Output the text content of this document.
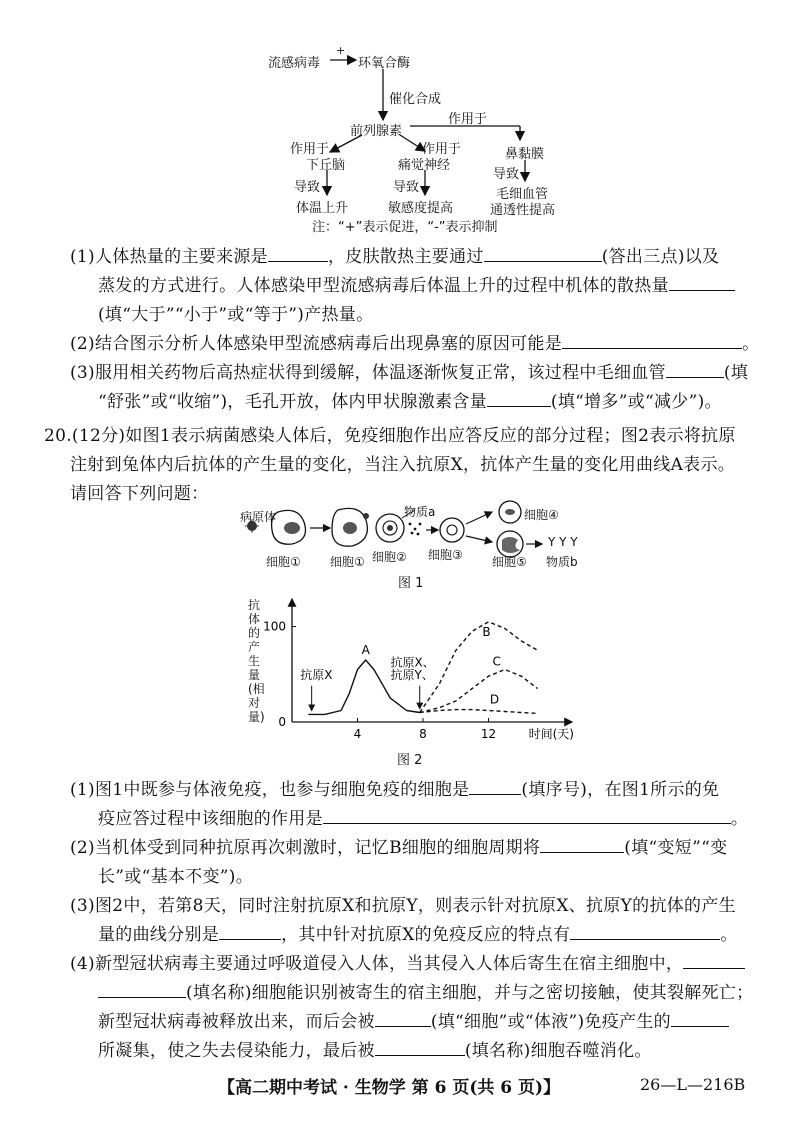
流感病毒
+
环氧合酶
催化合成
作用于
前列腺素
作用于
下丘脑
作用于
痛觉神经
鼻黏膜
导致
体温上升
导致
敏感度提高
导致
毛细血管
通透性提高
注：“+”表示促进，“-”表示抑制
(1)人体热量的主要来源是	，皮肤散热主要通过	(答出三点)以及
蒸发的方式进行。人体感染甲型流感病毒后体温上升的过程中机体的散热量
(填“大于”“小于”或“等于”)产热量。
(2)结合图示分析人体感染甲型流感病毒后出现鼻塞的原因可能是	。
(3)服用相关药物后高热症状得到缓解，体温逐渐恢复正常，该过程中毛细血管	(填
“舒张”或“收缩”)，毛孔开放，体内甲状腺激素含量	(填“增多”或“减少”)。
20.(12分)如图1表示病菌感染人体后，免疫细胞作出应答反应的部分过程；图2表示将抗原
注射到兔体内后抗体的产生量的变化，当注入抗原X，抗体产生量的变化用曲线A表示。
请回答下列问题：
病原体
细胞① 细胞① 细胞②
物质a
细胞③
细胞④
细胞⑤
Y Y Y
物质b
图 1
4	8	12
0
100
时间(天)
A
B
C
D
抗原X
抗原X、
抗原Y、
抗体的产生量(相对量)
图 2
(1)图1中既参与体液免疫，也参与细胞免疫的细胞是	(填序号)，在图1所示的免
疫应答过程中该细胞的作用是	。
(2)当机体受到同种抗原再次刺激时，记忆B细胞的细胞周期将	(填“变短”“变
长”或“基本不变”)。
(3)图2中，若第8天，同时注射抗原X和抗原Y，则表示针对抗原X、抗原Y的抗体的产生
量的曲线分别是	，其中针对抗原X的免疫反应的特点有	。
(4)新型冠状病毒主要通过呼吸道侵入人体，当其侵入人体后寄生在宿主细胞中，
(填名称)细胞能识别被寄生的宿主细胞，并与之密切接触，使其裂解死亡；
新型冠状病毒被释放出来，而后会被	(填“细胞”或“体液”)免疫产生的
所凝集，使之失去侵染能力，最后被	(填名称)细胞吞噬消化。
【高二期中考试 · 生物学 第 6 页(共 6 页)】	26—L—216B
